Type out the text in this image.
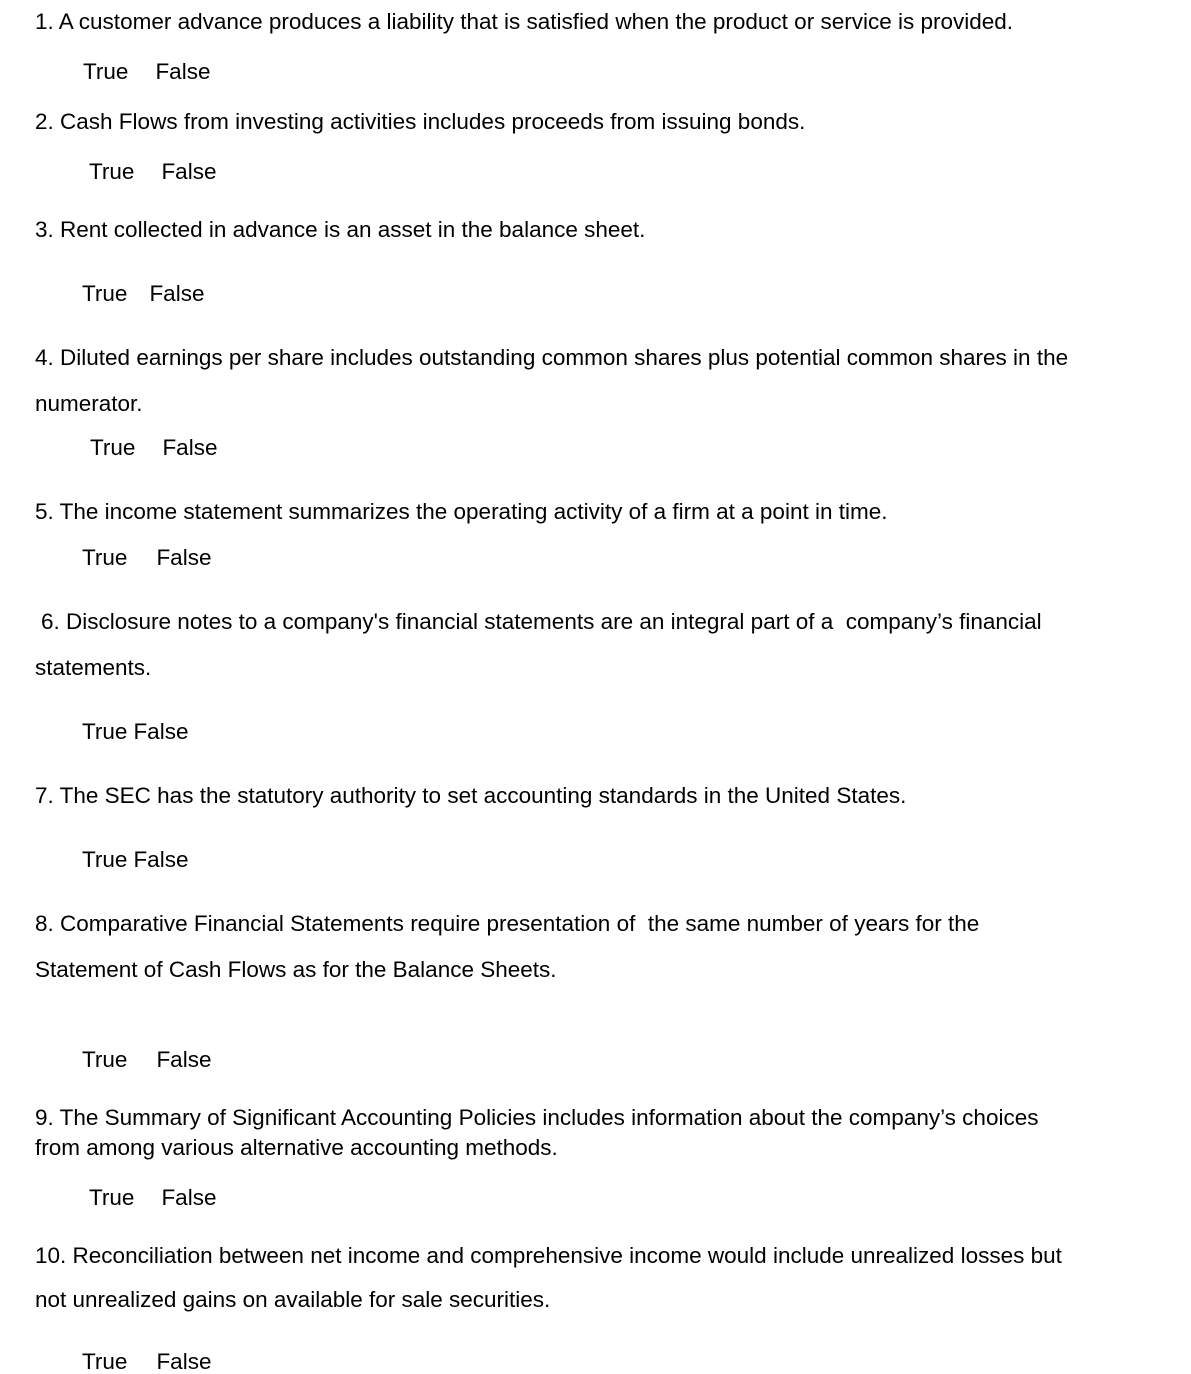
1. A customer advance produces a liability that is satisfied when the product or service is provided.
True False
2. Cash Flows from investing activities includes proceeds from issuing bonds.
True False
3. Rent collected in advance is an asset in the balance sheet.
True False
4. Diluted earnings per share includes outstanding common shares plus potential common shares in the
numerator.
True False
5. The income statement summarizes the operating activity of a firm at a point in time.
True False
6. Disclosure notes to a company's financial statements are an integral part of a  company’s financial
statements.
True False
7. The SEC has the statutory authority to set accounting standards in the United States.
True False
8. Comparative Financial Statements require presentation of  the same number of years for the
Statement of Cash Flows as for the Balance Sheets.
True False
9. The Summary of Significant Accounting Policies includes information about the company’s choices
from among various alternative accounting methods.
True False
10. Reconciliation between net income and comprehensive income would include unrealized losses but
not unrealized gains on available for sale securities.
True False
